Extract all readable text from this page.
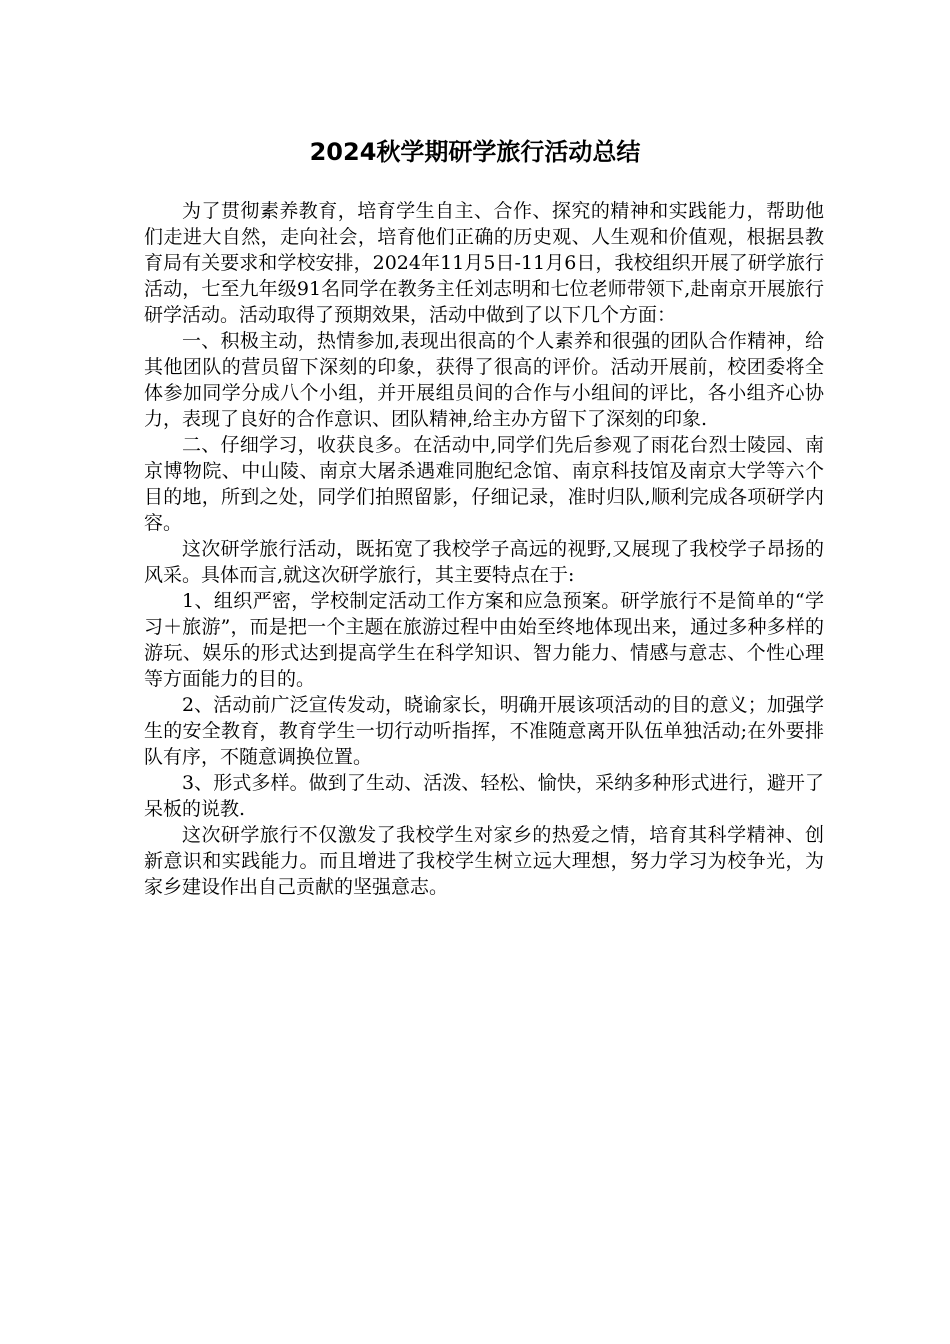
2024秋学期研学旅行活动总结

为了贯彻素养教育，培育学生自主、合作、探究的精神和实践能力，帮助他们走进大自然，走向社会，培育他们正确的历史观、人生观和价值观，根据县教育局有关要求和学校安排，2024年11月5日-11月6日，我校组织开展了研学旅行活动，七至九年级91名同学在教务主任刘志明和七位老师带领下,赴南京开展旅行研学活动。活动取得了预期效果，活动中做到了以下几个方面：

一、积极主动，热情参加,表现出很高的个人素养和很强的团队合作精神，给其他团队的营员留下深刻的印象，获得了很高的评价。活动开展前，校团委将全体参加同学分成八个小组，并开展组员间的合作与小组间的评比，各小组齐心协力，表现了良好的合作意识、团队精神,给主办方留下了深刻的印象.

二、仔细学习，收获良多。在活动中,同学们先后参观了雨花台烈士陵园、南京博物院、中山陵、南京大屠杀遇难同胞纪念馆、南京科技馆及南京大学等六个目的地，所到之处，同学们拍照留影，仔细记录，准时归队,顺利完成各项研学内容。

这次研学旅行活动，既拓宽了我校学子高远的视野,又展现了我校学子昂扬的风采。具体而言,就这次研学旅行，其主要特点在于:

1、组织严密，学校制定活动工作方案和应急预案。研学旅行不是简单的“学习＋旅游”，而是把一个主题在旅游过程中由始至终地体现出来，通过多种多样的游玩、娱乐的形式达到提高学生在科学知识、智力能力、情感与意志、个性心理等方面能力的目的。

2、活动前广泛宣传发动，晓谕家长，明确开展该项活动的目的意义；加强学生的安全教育，教育学生一切行动听指挥，不准随意离开队伍单独活动;在外要排队有序，不随意调换位置。

3、形式多样。做到了生动、活泼、轻松、愉快，采纳多种形式进行，避开了呆板的说教.

这次研学旅行不仅激发了我校学生对家乡的热爱之情，培育其科学精神、创新意识和实践能力。而且增进了我校学生树立远大理想，努力学习为校争光，为家乡建设作出自己贡献的坚强意志。
